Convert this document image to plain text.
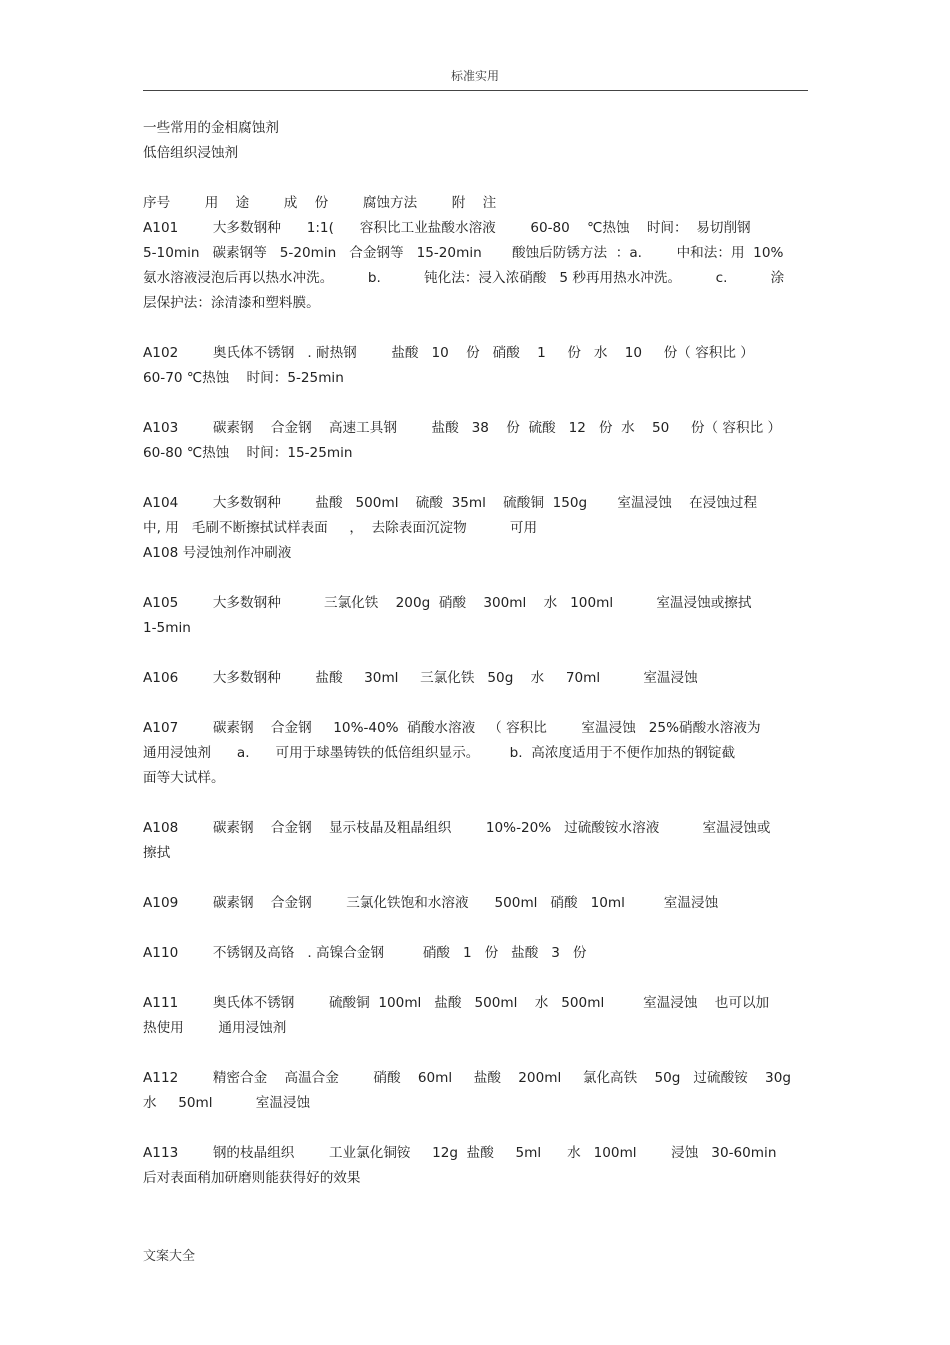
标准实用
一些常用的金相腐蚀剂
低倍组织浸蚀剂
序号        用    途        成    份        腐蚀方法        附    注
A101        大多数钢种      1:1(      容积比工业盐酸水溶液        60-80    ℃热蚀    时间：  易切削钢
5-10min   碳素钢等   5-20min   合金钢等   15-20min       酸蚀后防锈方法  ：a.        中和法：用  10%
氨水溶液浸泡后再以热水冲洗。        b.          钝化法：浸入浓硝酸   5 秒再用热水冲洗。        c.          涂
层保护法：涂清漆和塑料膜。
A102        奥氏体不锈钢   . 耐热钢        盐酸   10    份   硝酸    1     份   水    10     份（ 容积比 ）
60-70 ℃热蚀    时间：5-25min
A103        碳素钢    合金钢    高速工具钢        盐酸   38    份  硫酸   12   份  水    50     份（ 容积比 ）
60-80 ℃热蚀    时间：15-25min
A104        大多数钢种        盐酸   500ml    硫酸  35ml    硫酸铜  150g       室温浸蚀    在浸蚀过程
中, 用   毛刷不断擦拭试样表面     ，  去除表面沉淀物          可用
A108 号浸蚀剂作冲刷液
A105        大多数钢种          三氯化铁    200g  硝酸    300ml    水   100ml          室温浸蚀或擦拭
1-5min
A106        大多数钢种        盐酸     30ml     三氯化铁   50g    水     70ml          室温浸蚀
A107        碳素钢    合金钢     10%-40%  硝酸水溶液   （ 容积比        室温浸蚀   25%硝酸水溶液为
通用浸蚀剂      a.      可用于球墨铸铁的低倍组织显示。       b.  高浓度适用于不便作加热的钢锭截
面等大试样。
A108        碳素钢    合金钢    显示枝晶及粗晶组织        10%-20%   过硫酸铵水溶液          室温浸蚀或
擦拭
A109        碳素钢    合金钢        三氯化铁饱和水溶液      500ml   硝酸   10ml         室温浸蚀
A110        不锈钢及高铬   . 高镍合金钢         硝酸   1   份   盐酸   3   份
A111        奥氏体不锈钢        硫酸铜  100ml   盐酸   500ml    水   500ml         室温浸蚀    也可以加
热使用        通用浸蚀剂
A112        精密合金    高温合金        硝酸    60ml     盐酸    200ml     氯化高铁    50g   过硫酸铵    30g
水     50ml          室温浸蚀
A113        钢的枝晶组织        工业氯化铜铵     12g  盐酸     5ml      水   100ml        浸蚀   30-60min
后对表面稍加研磨则能获得好的效果
文案大全
